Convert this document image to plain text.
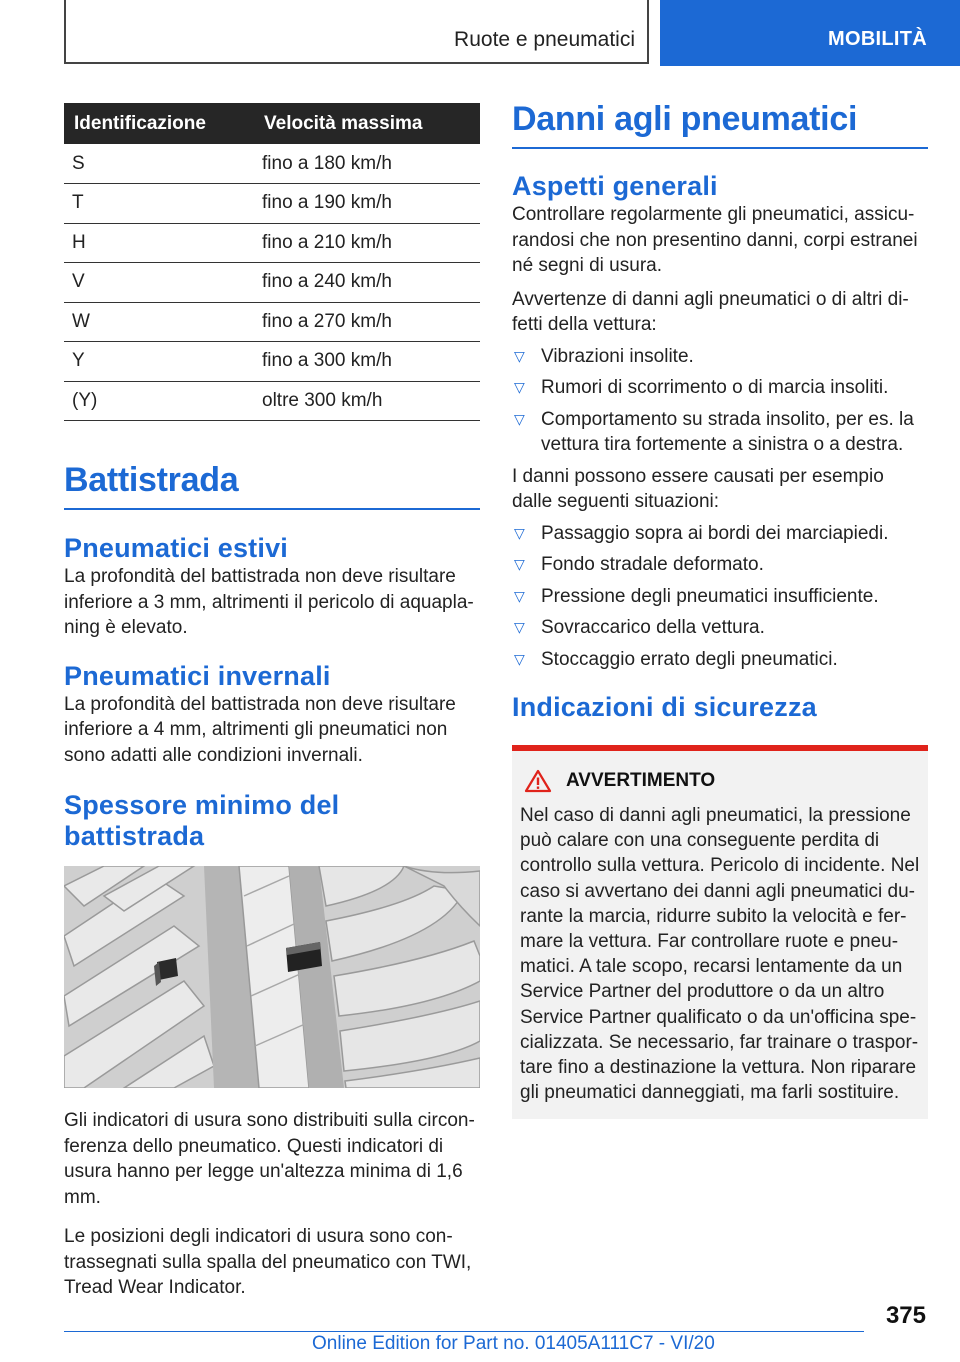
Ruote e pneumatici	MOBILITÀ
Identificazione	Velocità massima
S	fino a 180 km/h
T	fino a 190 km/h
H	fino a 210 km/h
V	fino a 240 km/h
W	fino a 270 km/h
Y	fino a 300 km/h
(Y)	oltre 300 km/h
Battistrada
Pneumatici estivi

La profondità del battistrada non deve risultare inferiore a 3 mm, altrimenti il pericolo di aquapla‐ning è elevato.

Pneumatici invernali

La profondità del battistrada non deve risultare inferiore a 4 mm, altrimenti gli pneumatici non sono adatti alle condizioni invernali.

Spessore minimo del battistrada

Gli indicatori di usura sono distribuiti sulla circon‐ferenza dello pneumatico. Questi indicatori di usura hanno per legge un'altezza minima di 1,6 mm.

Le posizioni degli indicatori di usura sono con‐trassegnati sulla spalla del pneumatico con TWI, Tread Wear Indicator.

Danni agli pneumatici
Aspetti generali

Controllare regolarmente gli pneumatici, assicu‐randosi che non presentino danni, corpi estranei né segni di usura.

Avvertenze di danni agli pneumatici o di altri di‐fetti della vettura:

▽ Vibrazioni insolite.
▽ Rumori di scorrimento o di marcia insoliti.
▽ Comportamento su strada insolito, per es. la vettura tira fortemente a sinistra o a destra.

I danni possono essere causati per esempio dalle seguenti situazioni:

▽ Passaggio sopra ai bordi dei marciapiedi.
▽ Fondo stradale deformato.
▽ Pressione degli pneumatici insufficiente.
▽ Sovraccarico della vettura.
▽ Stoccaggio errato degli pneumatici.
Indicazioni di sicurezza
AVVERTIMENTO

Nel caso di danni agli pneumatici, la pressione può calare con una conseguente perdita di controllo sulla vettura. Pericolo di incidente. Nel caso si avvertano dei danni agli pneumatici du‐rante la marcia, ridurre subito la velocità e fer‐mare la vettura. Far controllare ruote e pneu‐matici. A tale scopo, recarsi lentamente da un Service Partner del produttore o da un altro Service Partner qualificato o da un'officina spe‐cializzata. Se necessario, far trainare o traspor‐tare fino a destinazione la vettura. Non riparare gli pneumatici danneggiati, ma farli sostituire.

375
Online Edition for Part no. 01405A111C7 - VI/20
